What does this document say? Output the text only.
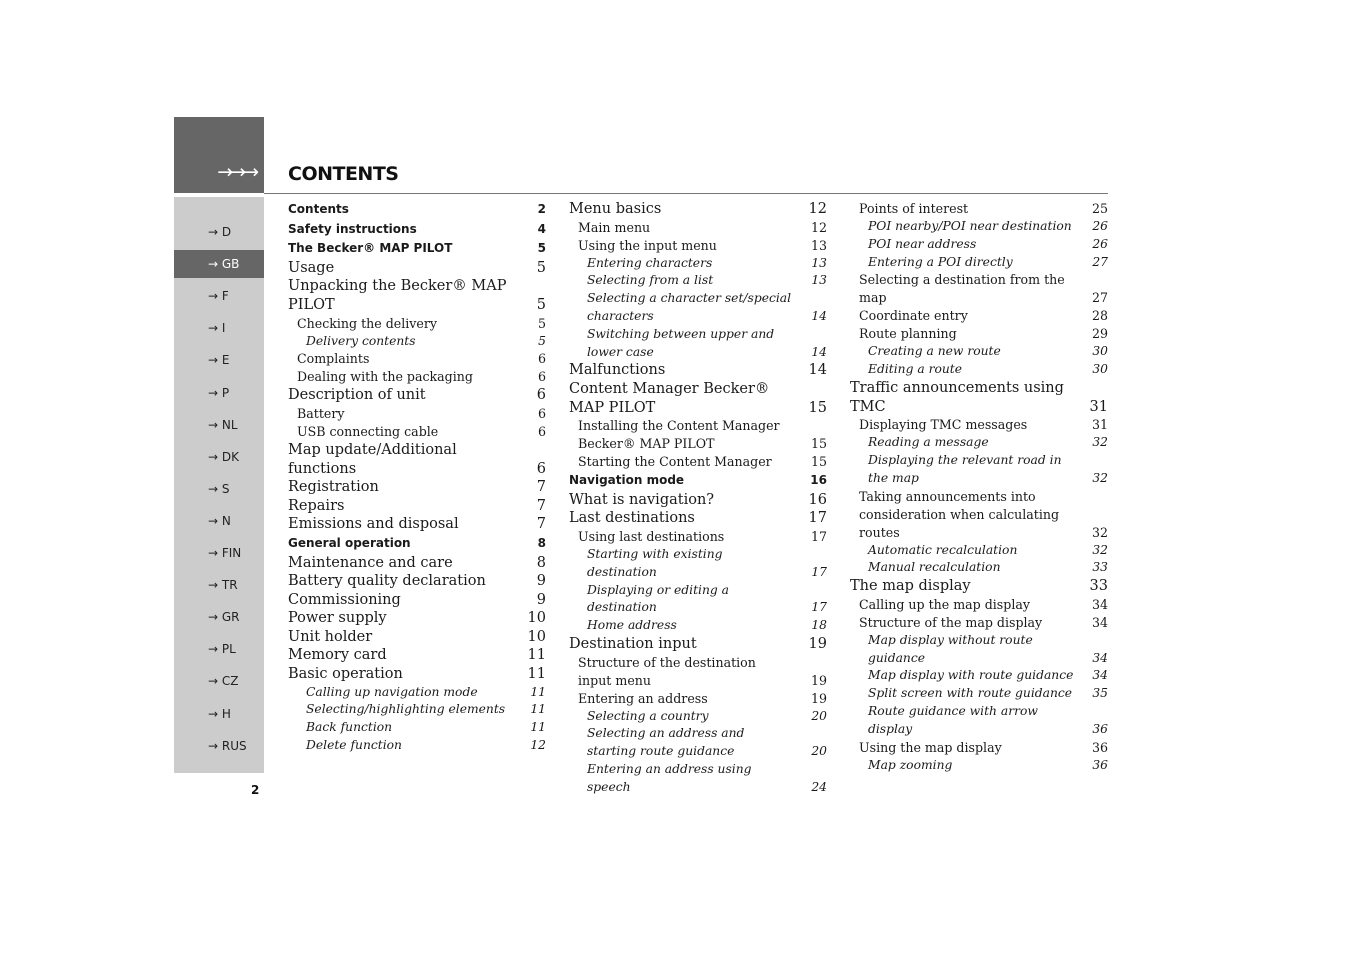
→→→ CONTENTS
→ D
→ GB
→ F
→ I
→ E
→ P
→ NL
→ DK
→ S
→ N
→ FIN
→ TR
→ GR
→ PL
→ CZ
→ H
→ RUS
Contents	2
Safety instructions	4
The Becker® MAP PILOT	5
Usage	5
Unpacking the Becker® MAP PILOT	5
Checking the delivery	5
Delivery contents	5
Complaints	6
Dealing with the packaging	6
Description of unit	6
Battery	6
USB connecting cable	6
Map update/Additional functions	6
Registration	7
Repairs	7
Emissions and disposal	7
General operation	8
Maintenance and care	8
Battery quality declaration	9
Commissioning	9
Power supply	10
Unit holder	10
Memory card	11
Basic operation	11
Calling up navigation mode	11
Selecting/highlighting elements	11
Back function	11
Delete function	12
Menu basics	12
Main menu	12
Using the input menu	13
Entering characters	13
Selecting from a list	13
Selecting a character set/special characters	14
Switching between upper and lower case	14
Malfunctions	14
Content Manager Becker® MAP PILOT	15
Installing the Content Manager Becker® MAP PILOT	15
Starting the Content Manager	15
Navigation mode	16
What is navigation?	16
Last destinations	17
Using last destinations	17
Starting with existing destination	17
Displaying or editing a destination	17
Home address	18
Destination input	19
Structure of the destination input menu	19
Entering an address	19
Selecting a country	20
Selecting an address and starting route guidance	20
Entering an address using speech	24
Points of interest	25
POI nearby/POI near destination	26
POI near address	26
Entering a POI directly	27
Selecting a destination from the map	27
Coordinate entry	28
Route planning	29
Creating a new route	30
Editing a route	30
Traffic announcements using TMC	31
Displaying TMC messages	31
Reading a message	32
Displaying the relevant road in the map	32
Taking announcements into consideration when calculating routes	32
Automatic recalculation	32
Manual recalculation	33
The map display	33
Calling up the map display	34
Structure of the map display	34
Map display without route guidance	34
Map display with route guidance	34
Split screen with route guidance	35
Route guidance with arrow display	36
Using the map display	36
Map zooming	36
2
